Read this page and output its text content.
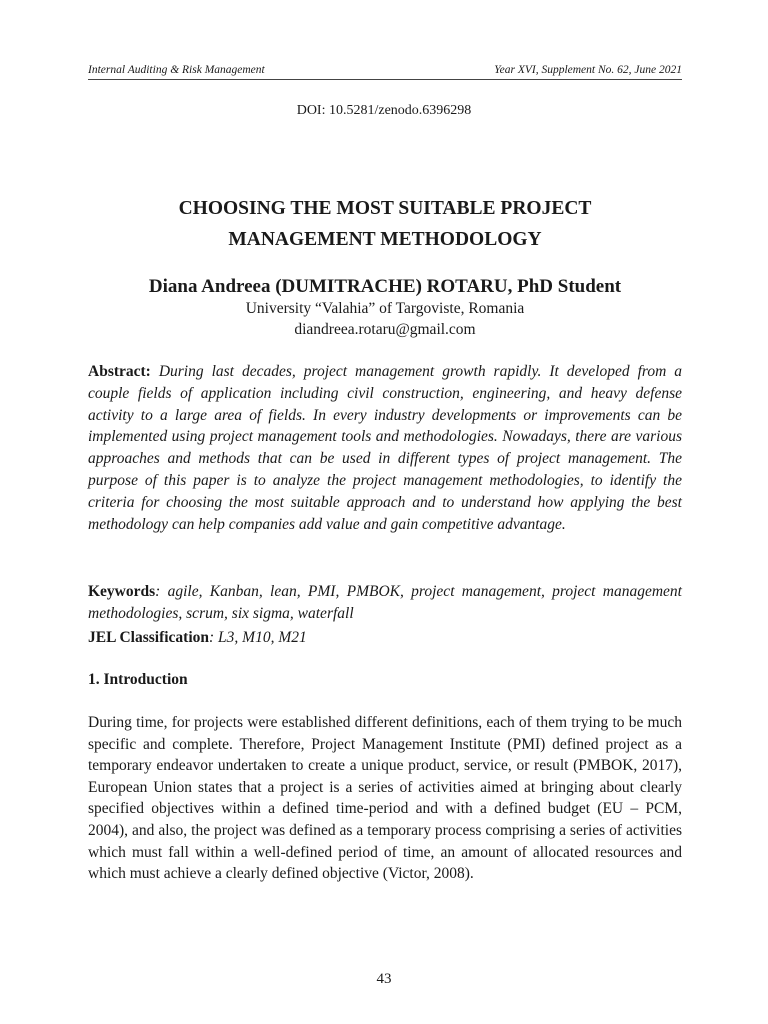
Internal Auditing & Risk Management	Year XVI, Supplement No. 62, June 2021
DOI: 10.5281/zenodo.6396298
CHOOSING THE MOST SUITABLE PROJECT
MANAGEMENT METHODOLOGY
Diana Andreea (DUMITRACHE) ROTARU, PhD Student
University “Valahia” of Targoviste, Romania
diandreea.rotaru@gmail.com
Abstract: During last decades, project management growth rapidly. It developed from a couple fields of application including civil construction, engineering, and heavy defense activity to a large area of fields. In every industry developments or improvements can be implemented using project management tools and methodologies. Nowadays, there are various approaches and methods that can be used in different types of project management. The purpose of this paper is to analyze the project management methodologies, to identify the criteria for choosing the most suitable approach and to understand how applying the best methodology can help companies add value and gain competitive advantage.
Keywords: agile, Kanban, lean, PMI, PMBOK, project management, project management methodologies, scrum, six sigma, waterfall
JEL Classification: L3, M10, M21
1. Introduction
During time, for projects were established different definitions, each of them trying to be much specific and complete. Therefore, Project Management Institute (PMI) defined project as a temporary endeavor undertaken to create a unique product, service, or result (PMBOK, 2017), European Union states that a project is a series of activities aimed at bringing about clearly specified objectives within a defined time-period and with a defined budget (EU – PCM, 2004), and also, the project was defined as a temporary process comprising a series of activities which must fall within a well-defined period of time, an amount of allocated resources and which must achieve a clearly defined objective (Victor, 2008).
43
